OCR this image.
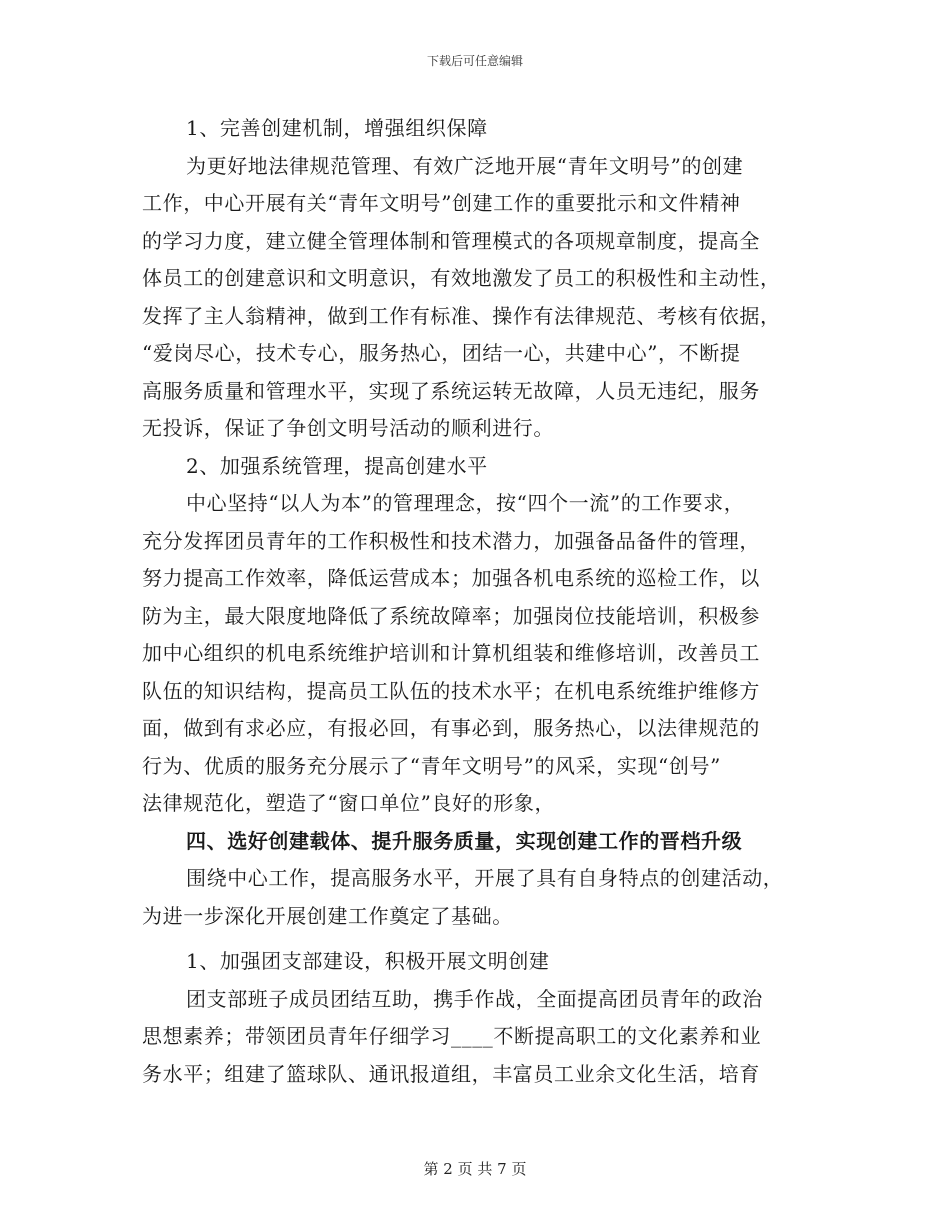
下载后可任意编辑
1、完善创建机制，增强组织保障
为更好地法律规范管理、有效广泛地开展“青年文明号”的创建
工作，中心开展有关“青年文明号”创建工作的重要批示和文件精神
的学习力度，建立健全管理体制和管理模式的各项规章制度，提高全
体员工的创建意识和文明意识，有效地激发了员工的积极性和主动性，
发挥了主人翁精神，做到工作有标准、操作有法律规范、考核有依据，
“爱岗尽心，技术专心，服务热心，团结一心，共建中心”，不断提
高服务质量和管理水平，实现了系统运转无故障，人员无违纪，服务
无投诉，保证了争创文明号活动的顺利进行。
2、加强系统管理，提高创建水平
中心坚持“以人为本”的管理理念，按“四个一流”的工作要求，
充分发挥团员青年的工作积极性和技术潜力，加强备品备件的管理，
努力提高工作效率，降低运营成本；加强各机电系统的巡检工作，以
防为主，最大限度地降低了系统故障率；加强岗位技能培训，积极参
加中心组织的机电系统维护培训和计算机组装和维修培训，改善员工
队伍的知识结构，提高员工队伍的技术水平；在机电系统维护维修方
面，做到有求必应，有报必回，有事必到，服务热心，以法律规范的
行为、优质的服务充分展示了“青年文明号”的风采，实现“创号”
法律规范化，塑造了“窗口单位”良好的形象，
四、选好创建载体、提升服务质量，实现创建工作的晋档升级
围绕中心工作，提高服务水平，开展了具有自身特点的创建活动，
为进一步深化开展创建工作奠定了基础。
1、加强团支部建设，积极开展文明创建
团支部班子成员团结互助，携手作战，全面提高团员青年的政治
思想素养；带领团员青年仔细学习____不断提高职工的文化素养和业
务水平；组建了篮球队、通讯报道组，丰富员工业余文化生活，培育
第 2 页 共 7 页
